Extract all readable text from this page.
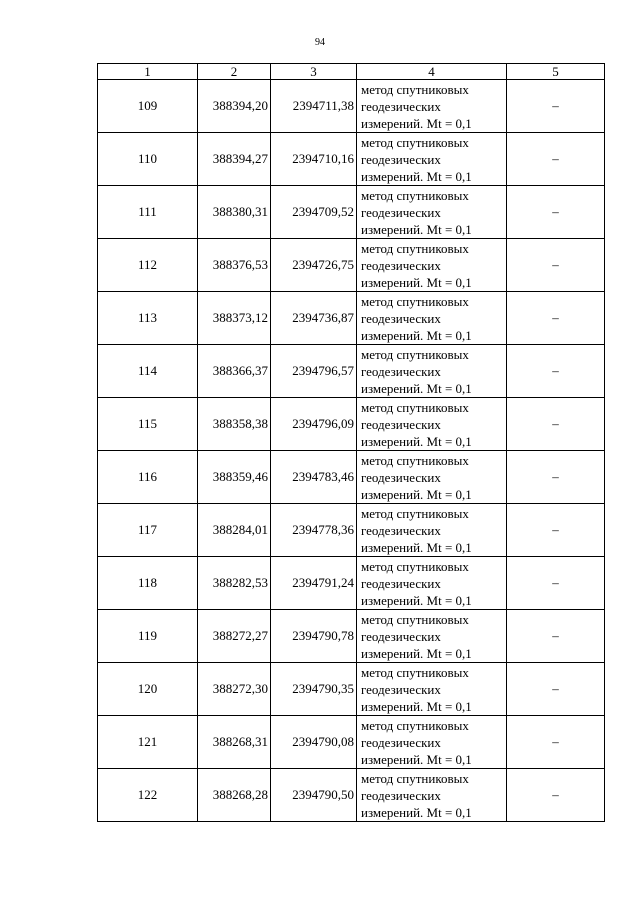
94
1	2	3	4	5
109	388394,20	2394711,38	метод спутниковых
геодезических
измерений. Mt = 0,1	–
110	388394,27	2394710,16	метод спутниковых
геодезических
измерений. Mt = 0,1	–
111	388380,31	2394709,52	метод спутниковых
геодезических
измерений. Mt = 0,1	–
112	388376,53	2394726,75	метод спутниковых
геодезических
измерений. Mt = 0,1	–
113	388373,12	2394736,87	метод спутниковых
геодезических
измерений. Mt = 0,1	–
114	388366,37	2394796,57	метод спутниковых
геодезических
измерений. Mt = 0,1	–
115	388358,38	2394796,09	метод спутниковых
геодезических
измерений. Mt = 0,1	–
116	388359,46	2394783,46	метод спутниковых
геодезических
измерений. Mt = 0,1	–
117	388284,01	2394778,36	метод спутниковых
геодезических
измерений. Mt = 0,1	–
118	388282,53	2394791,24	метод спутниковых
геодезических
измерений. Mt = 0,1	–
119	388272,27	2394790,78	метод спутниковых
геодезических
измерений. Mt = 0,1	–
120	388272,30	2394790,35	метод спутниковых
геодезических
измерений. Mt = 0,1	–
121	388268,31	2394790,08	метод спутниковых
геодезических
измерений. Mt = 0,1	–
122	388268,28	2394790,50	метод спутниковых
геодезических
измерений. Mt = 0,1	–
